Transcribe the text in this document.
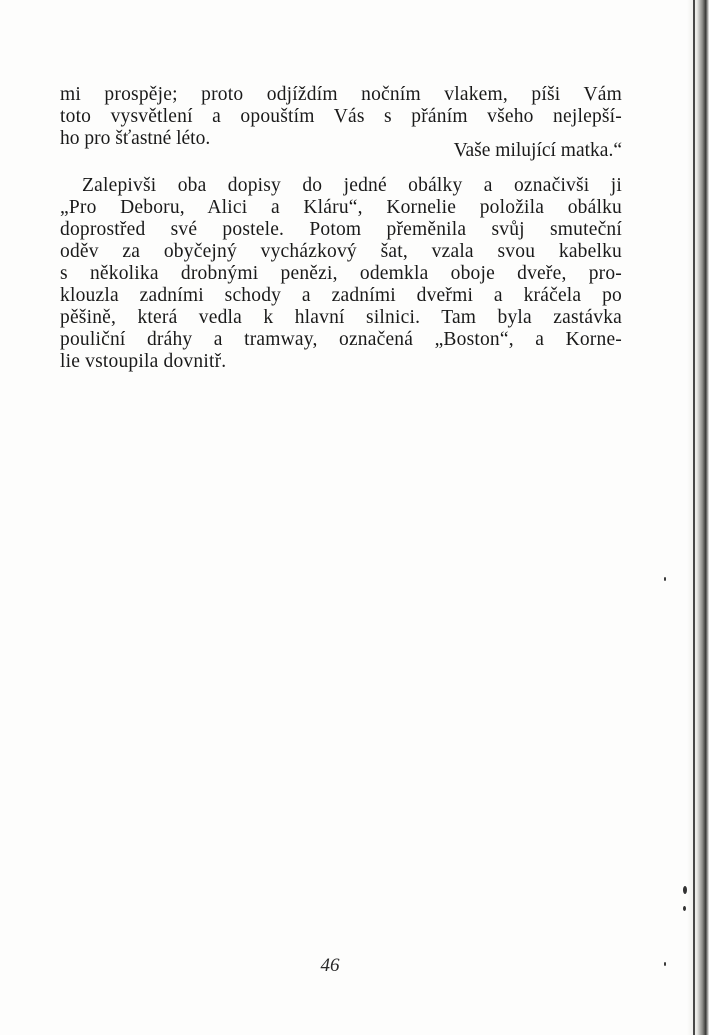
mi prospěje; proto odjíždím nočním vlakem, píši Vám
toto vysvětlení a opouštím Vás s přáním všeho nejlepší-
ho pro šťastné léto.
Vaše milující matka.“
Zalepivši oba dopisy do jedné obálky a označivši ji
„Pro Deboru, Alici a Kláru“, Kornelie položila obálku
doprostřed své postele. Potom přeměnila svůj smuteční
oděv za obyčejný vycházkový šat, vzala svou kabelku
s několika drobnými penězi, odemkla oboje dveře, pro-
klouzla zadními schody a zadními dveřmi a kráčela po
pěšině, která vedla k hlavní silnici. Tam byla zastávka
pouliční dráhy a tramway, označená „Boston“, a Korne-
lie vstoupila dovnitř.
46
